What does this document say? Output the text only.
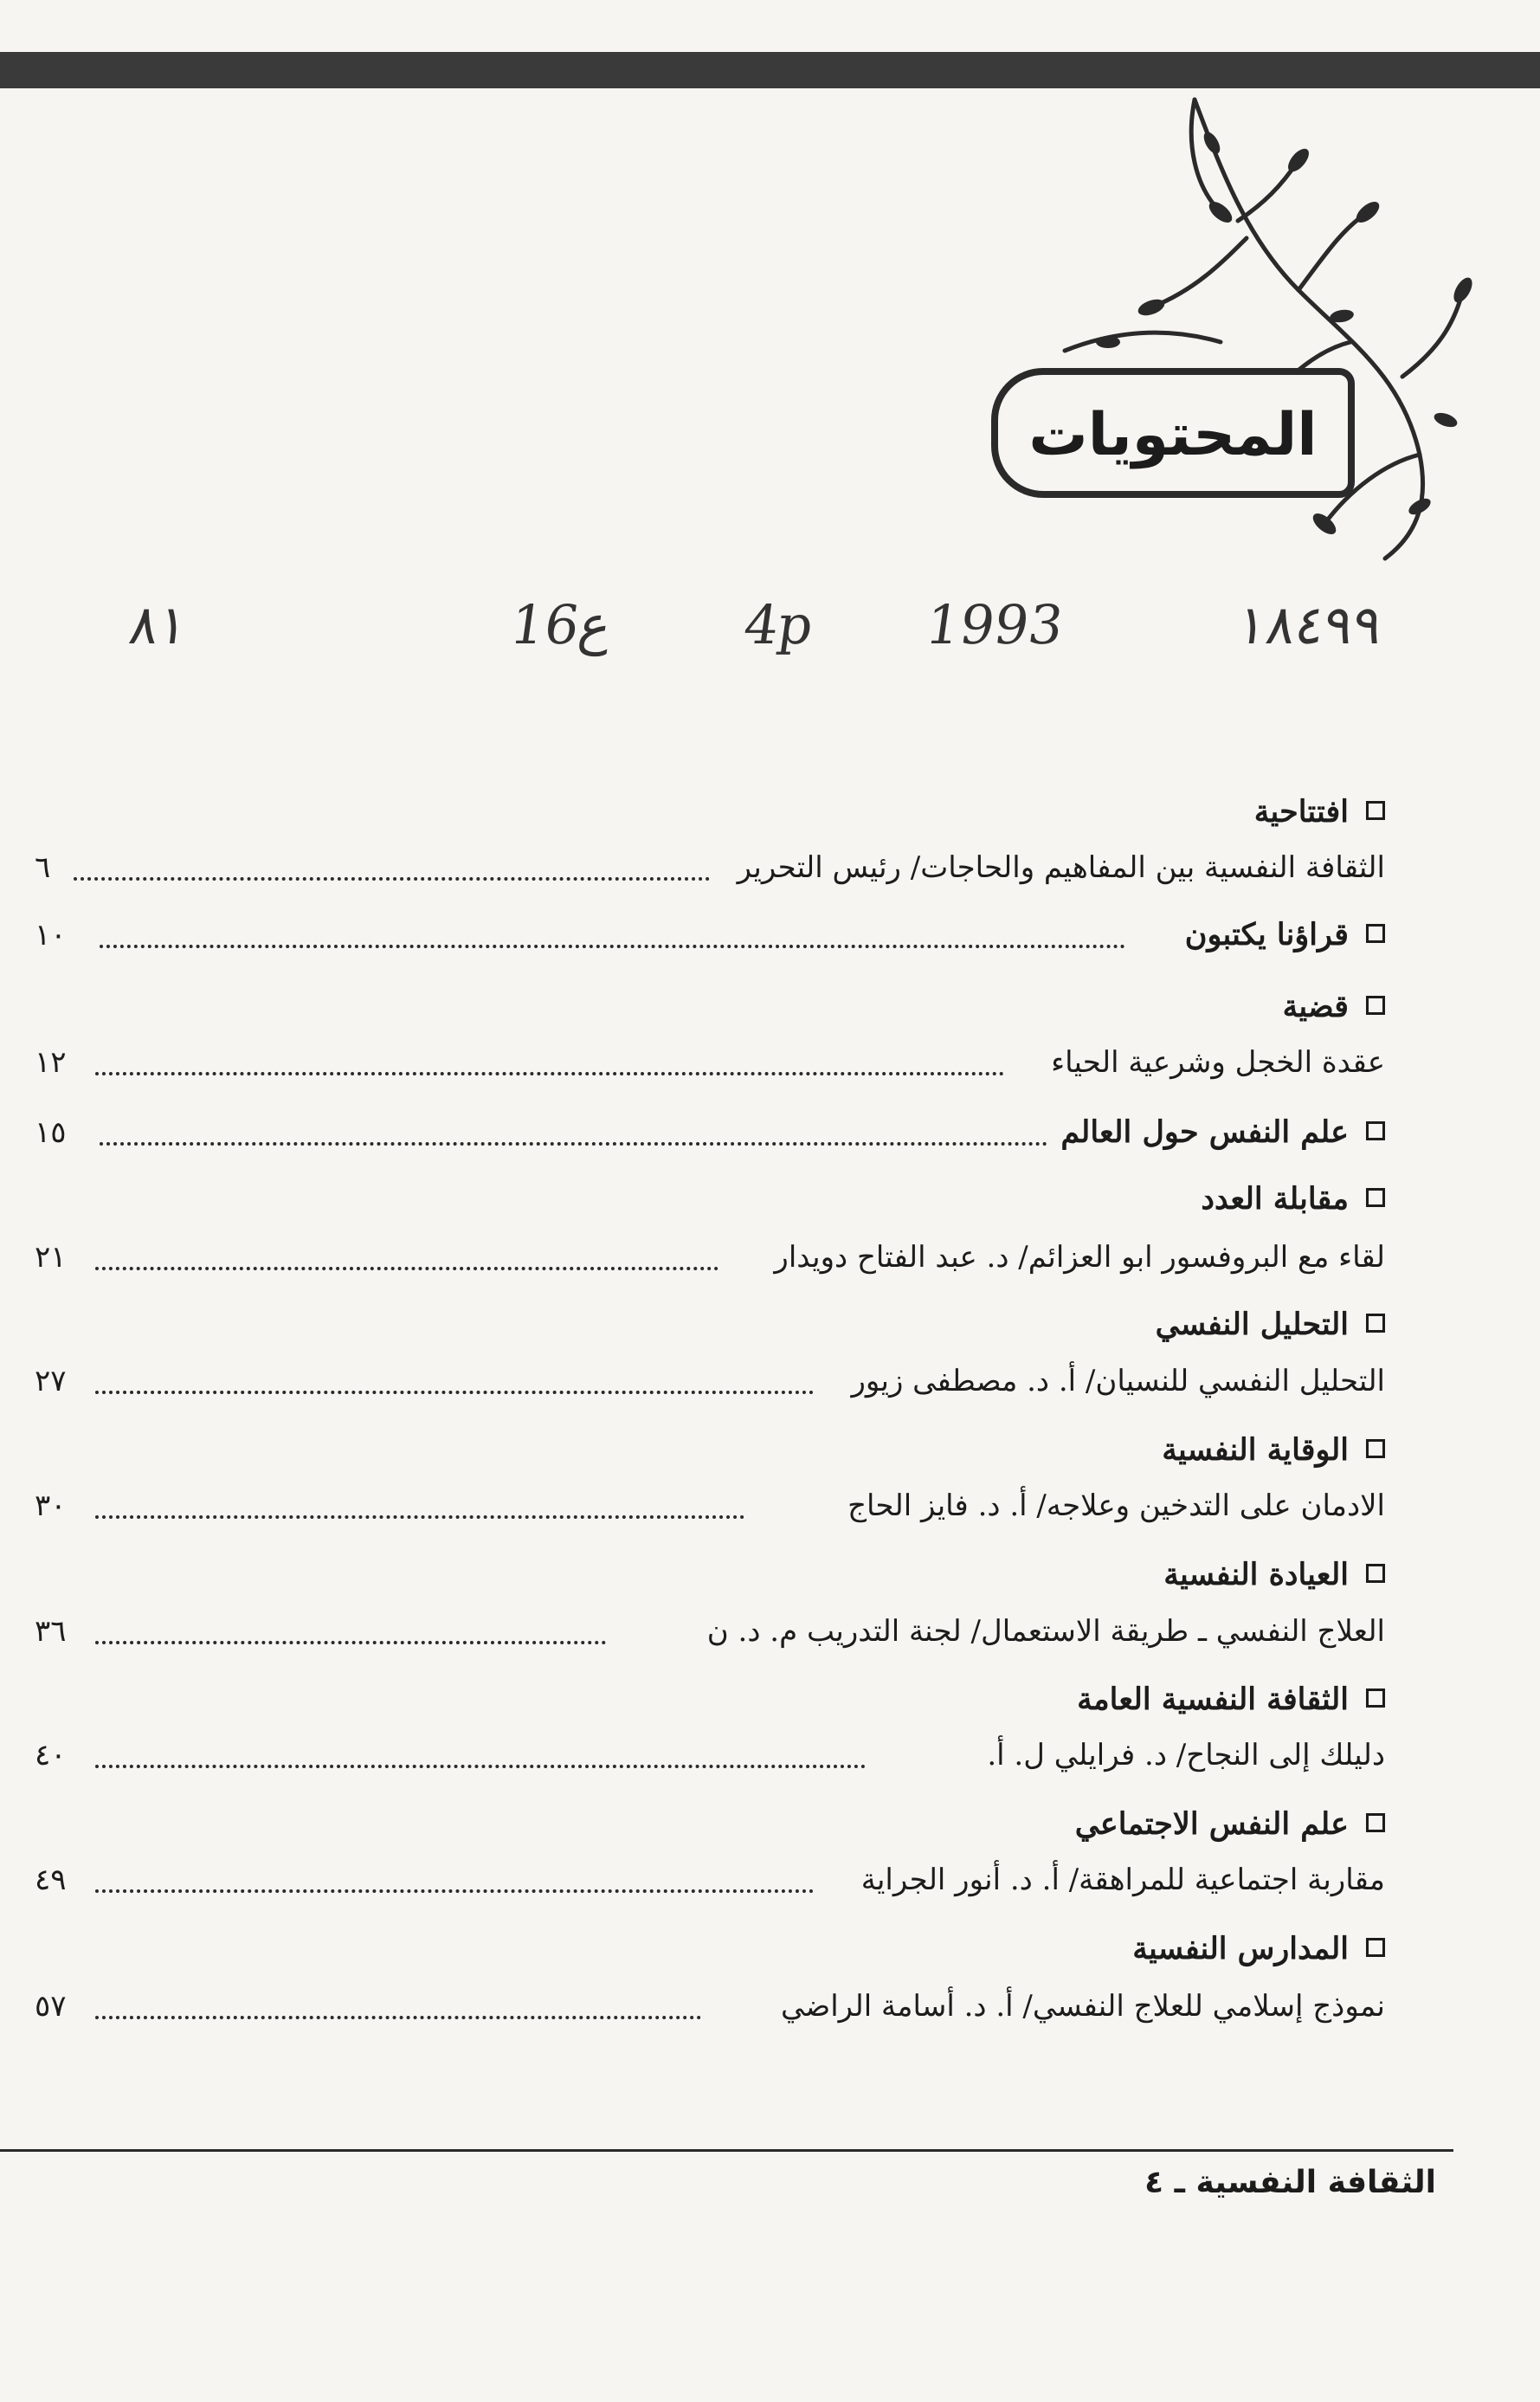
المحتويات
٨١	16ع 4p 1993	١٨٤٩٩
افتتاحية
الثقافة النفسية بين المفاهيم والحاجات/ رئيس التحرير
٦
قراؤنا يكتبون
١٠
قضية
عقدة الخجل وشرعية الحياء
١٢
علم النفس حول العالم
١٥
مقابلة العدد
لقاء مع البروفسور ابو العزائم/ د. عبد الفتاح دويدار
٢١
التحليل النفسي
التحليل النفسي للنسيان/ أ. د. مصطفى زيور
٢٧
الوقاية النفسية
الادمان على التدخين وعلاجه/ أ. د. فايز الحاج
٣٠
العيادة النفسية
العلاج النفسي ـ طريقة الاستعمال/ لجنة التدريب م. د. ن
٣٦
الثقافة النفسية العامة
دليلك إلى النجاح/ د. فرايلي ل. أ.
٤٠
علم النفس الاجتماعي
مقاربة اجتماعية للمراهقة/ أ. د. أنور الجراية
٤٩
المدارس النفسية
نموذج إسلامي للعلاج النفسي/ أ. د. أسامة الراضي
٥٧
الثقافة النفسية ـ ٤
